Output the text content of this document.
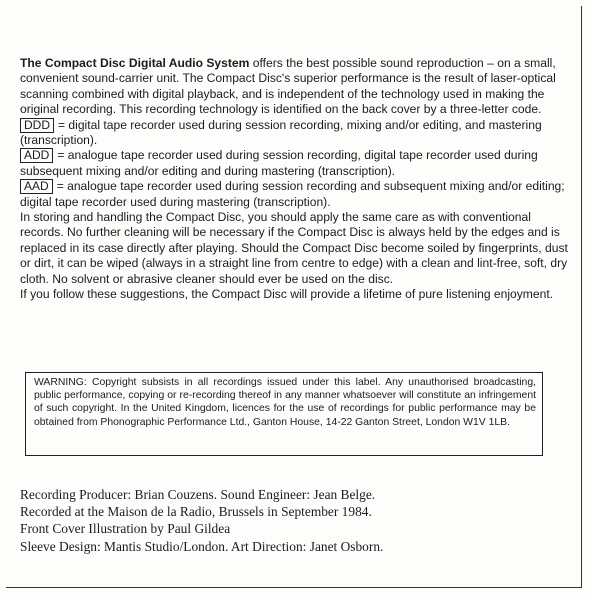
The Compact Disc Digital Audio System offers the best possible sound reproduction – on a small, convenient sound-carrier unit. The Compact Disc's superior performance is the result of laser-optical scanning combined with digital playback, and is independent of the technology used in making the original recording. This recording technology is identified on the back cover by a three-letter code.

DDD = digital tape recorder used during session recording, mixing and/or editing, and mastering (transcription).

ADD = analogue tape recorder used during session recording, digital tape recorder used during subsequent mixing and/or editing and during mastering (transcription).

AAD = analogue tape recorder used during session recording and subsequent mixing and/or editing; digital tape recorder used during mastering (transcription).

In storing and handling the Compact Disc, you should apply the same care as with conventional records. No further cleaning will be necessary if the Compact Disc is always held by the edges and is replaced in its case directly after playing. Should the Compact Disc become soiled by fingerprints, dust or dirt, it can be wiped (always in a straight line from centre to edge) with a clean and lint-free, soft, dry cloth. No solvent or abrasive cleaner should ever be used on the disc.

If you follow these suggestions, the Compact Disc will provide a lifetime of pure listening enjoyment.

WARNING: Copyright subsists in all recordings issued under this label. Any unauthorised broadcasting, public performance, copying or re-recording thereof in any manner whatsoever will constitute an infringement of such copyright. In the United Kingdom, licences for the use of recordings for public performance may be obtained from Phonographic Performance Ltd., Ganton House, 14-22 Ganton Street, London W1V 1LB.
Recording Producer: Brian Couzens. Sound Engineer: Jean Belge.
Recorded at the Maison de la Radio, Brussels in September 1984.
Front Cover Illustration by Paul Gildea
Sleeve Design: Mantis Studio/London. Art Direction: Janet Osborn.
